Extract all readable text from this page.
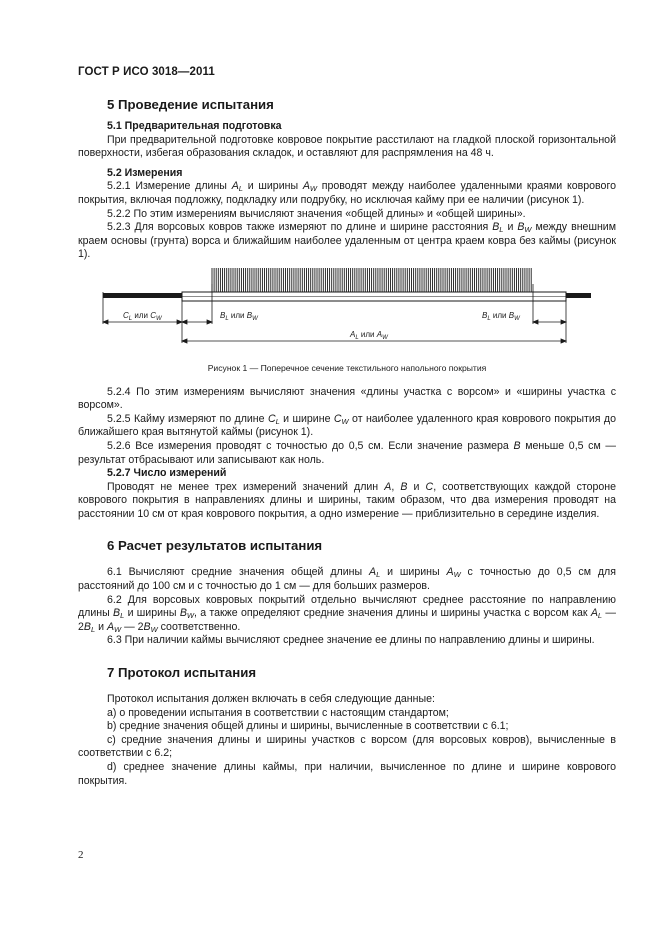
ГОСТ Р ИСО 3018—2011
5 Проведение испытания
5.1 Предварительная подготовка

При предварительной подготовке ковровое покрытие расстилают на гладкой плоской горизонтальной поверхности, избегая образования складок, и оставляют для распрямления на 48 ч.

5.2 Измерения

5.2.1 Измерение длины $A_L$ и ширины $A_W$ проводят между наиболее удаленными краями коврового покрытия, включая подложку, подкладку или подрубку, но исключая кайму при ее наличии (рисунок 1).

5.2.2 По этим измерениям вычисляют значения «общей длины» и «общей ширины».

5.2.3 Для ворсовых ковров также измеряют по длине и ширине расстояния $B_L$ и $B_W$ между внешним краем основы (грунта) ворса и ближайшим наиболее удаленным от центра краем ковра без каймы (рисунок 1).

$C_L$ или $C_W$	$B_L$ или $B_W$	$B_L$ или $B_W$
$A_L$ или $A_W$
Рисунок 1 — Поперечное сечение текстильного напольного покрытия

5.2.4 По этим измерениям вычисляют значения «длины участка с ворсом» и «ширины участка с ворсом».

5.2.5 Кайму измеряют по длине $C_L$ и ширине $C_W$ от наиболее удаленного края коврового покрытия до ближайшего края вытянутой каймы (рисунок 1).

5.2.6 Все измерения проводят с точностью до 0,5 см. Если значение размера B меньше 0,5 см — результат отбрасывают или записывают как ноль.

5.2.7 Число измерений

Проводят не менее трех измерений значений длин A, B и C, соответствующих каждой стороне коврового покрытия в направлениях длины и ширины, таким образом, что два измерения проводят на расстоянии 10 см от края коврового покрытия, а одно измерение — приблизительно в середине изделия.

6 Расчет результатов испытания

6.1 Вычисляют средние значения общей длины $A_L$ и ширины $A_W$ с точностью до 0,5 см для расстояний до 100 см и с точностью до 1 см — для больших размеров.

6.2 Для ворсовых ковровых покрытий отдельно вычисляют среднее расстояние по направлению длины $B_L$ и ширины $B_W$, а также определяют средние значения длины и ширины участка с ворсом как $A_L$ — $2B_L$ и $A_W$ — $2B_W$ соответственно.

6.3 При наличии каймы вычисляют среднее значение ее длины по направлению длины и ширины.

7 Протокол испытания

Протокол испытания должен включать в себя следующие данные:

a) о проведении испытания в соответствии с настоящим стандартом;

b) средние значения общей длины и ширины, вычисленные в соответствии с 6.1;

c) средние значения длины и ширины участков с ворсом (для ворсовых ковров), вычисленные в соответствии с 6.2;

d) среднее значение длины каймы, при наличии, вычисленное по длине и ширине коврового покрытия.

2
